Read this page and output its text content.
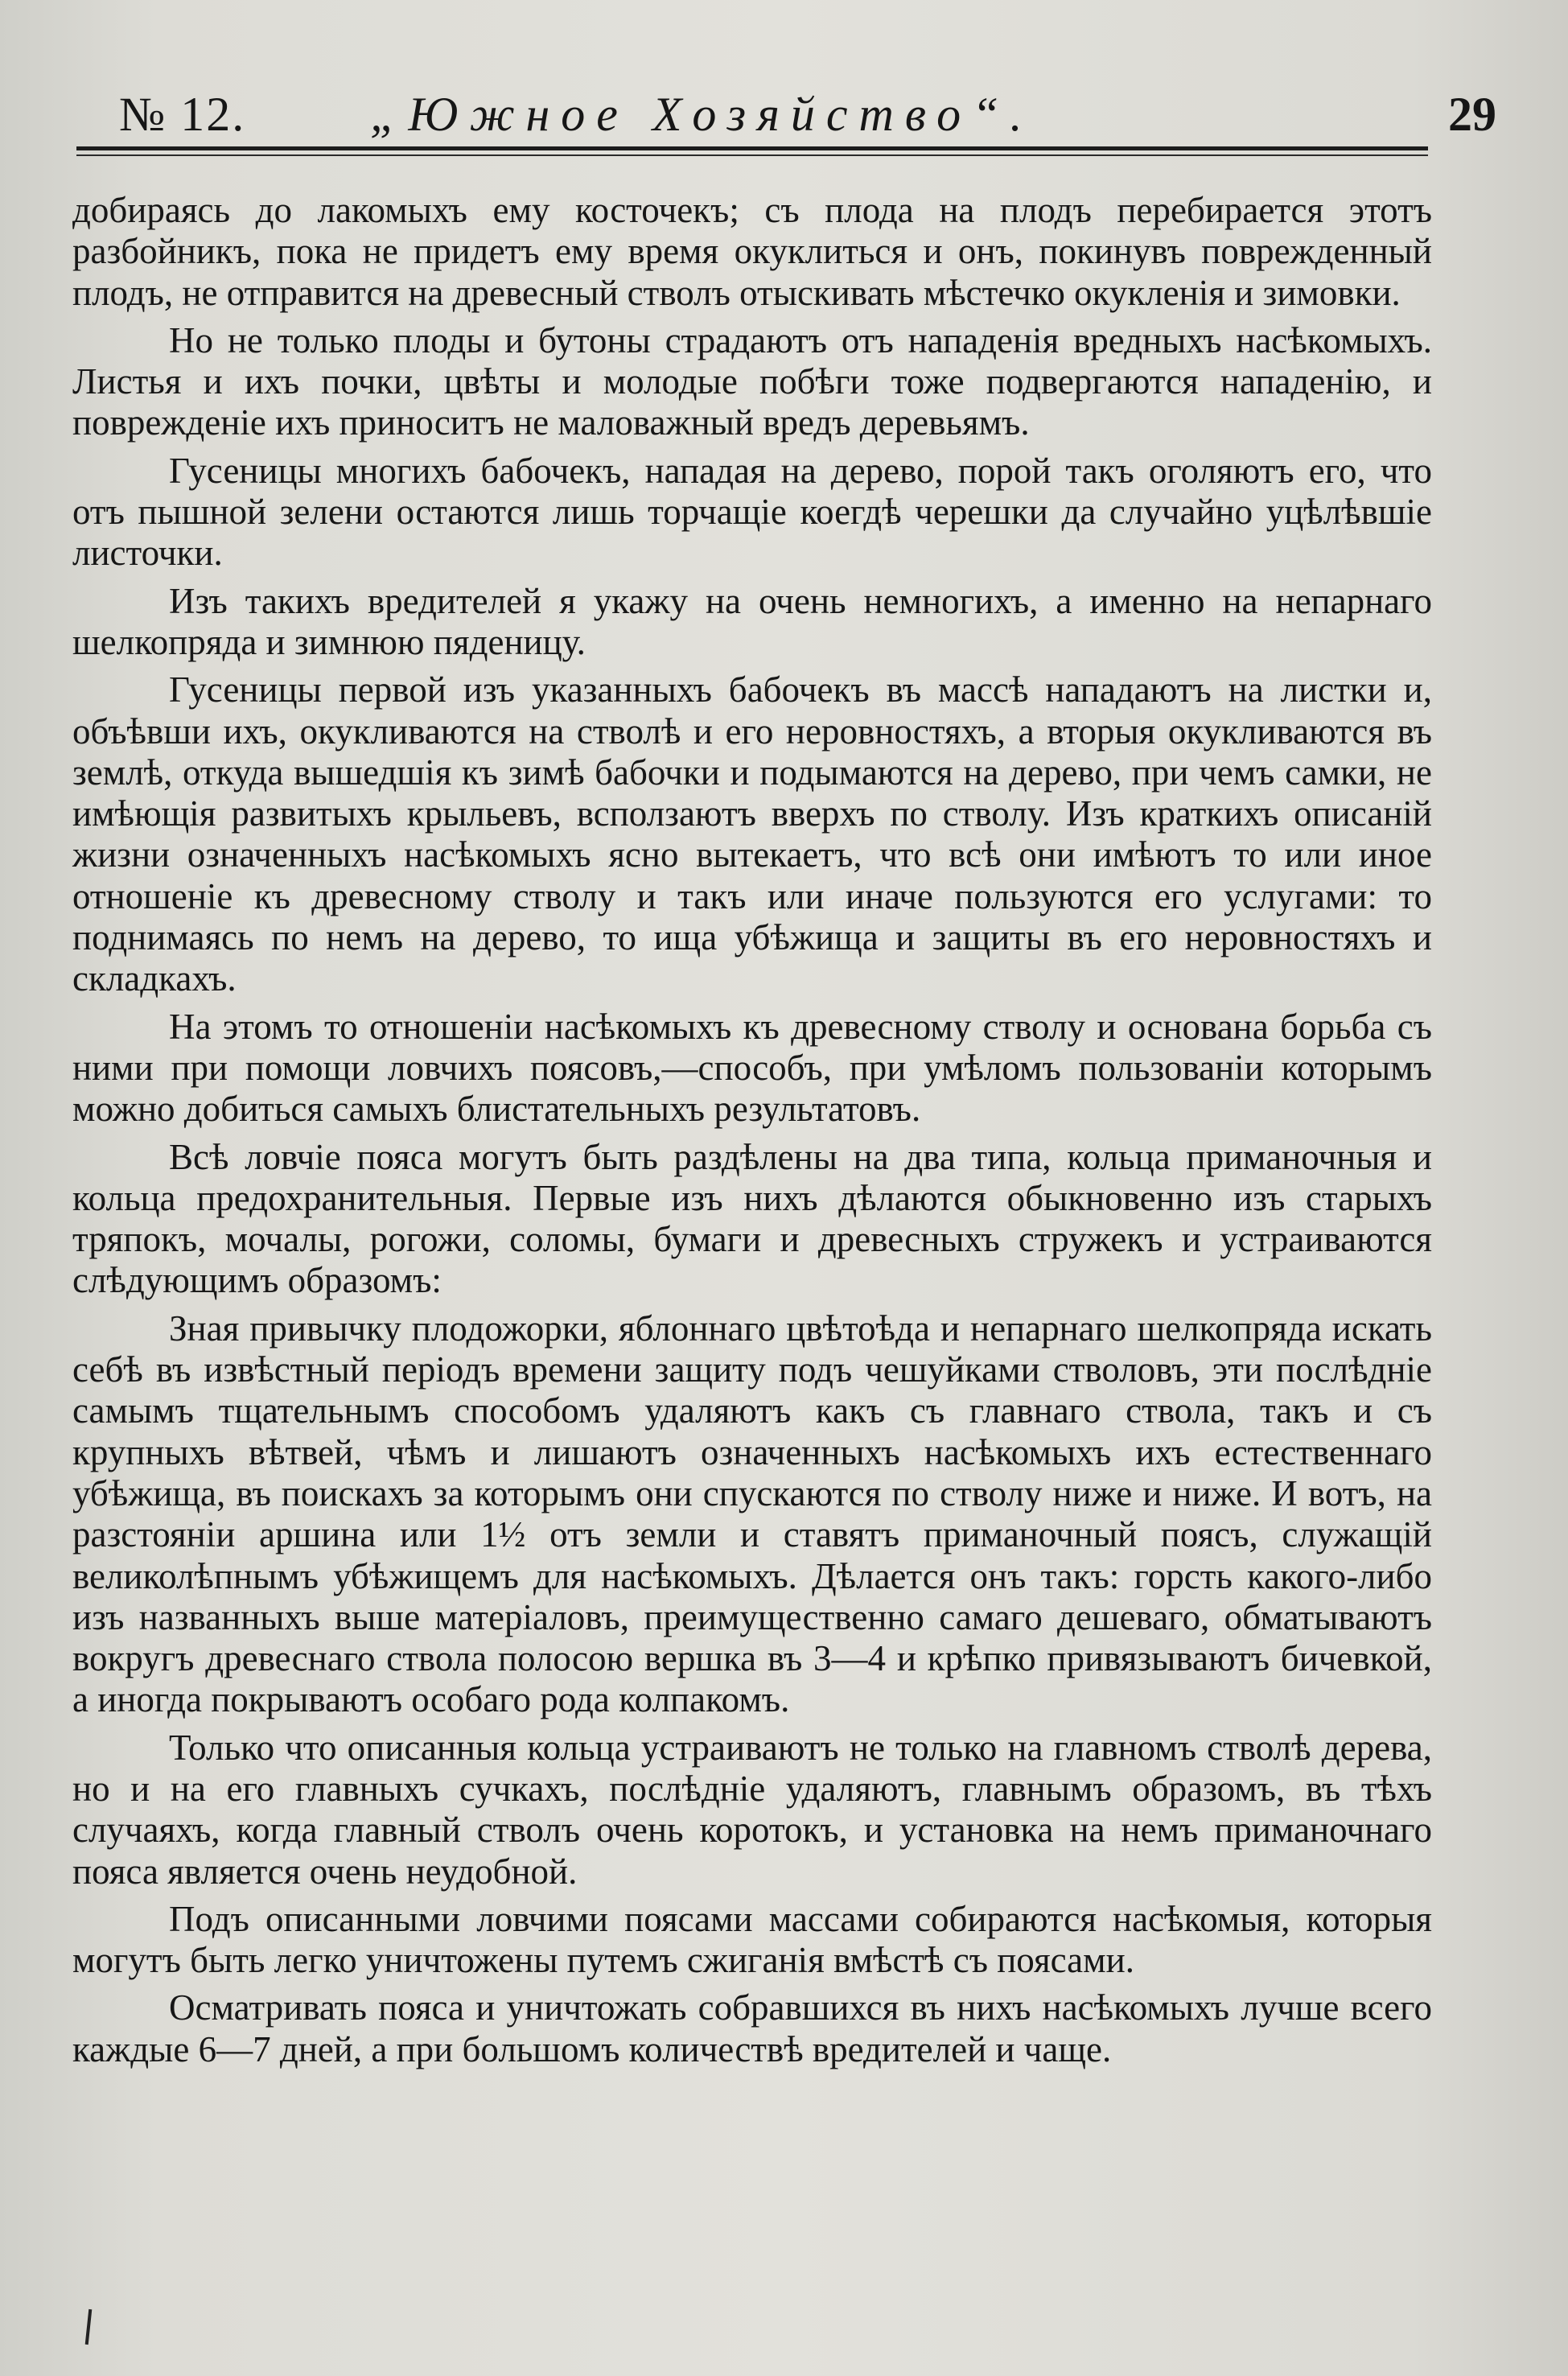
№ 12.	„Южное Хозяйство“.	29

добираясь до лакомыхъ ему косточекъ; съ плода на плодъ перебирается этотъ разбойникъ, пока не придетъ ему время окуклиться и онъ, покинувъ поврежденный плодъ, не отправится на древесный стволъ отыскивать мѣстечко окукленія и зимовки.

Но не только плоды и бутоны страдаютъ отъ нападенія вредныхъ насѣкомыхъ. Листья и ихъ почки, цвѣты и молодые побѣги тоже подвергаются нападенію, и поврежденіе ихъ приноситъ не маловажный вредъ деревьямъ.

Гусеницы многихъ бабочекъ, нападая на дерево, порой такъ оголяютъ его, что отъ пышной зелени остаются лишь торчащіе коегдѣ черешки да случайно уцѣлѣвшіе листочки.

Изъ такихъ вредителей я укажу на очень немногихъ, а именно на непарнаго шелкопряда и зимнюю пяденицу.

Гусеницы первой изъ указанныхъ бабочекъ въ массѣ нападаютъ на листки и, объѣвши ихъ, окукливаются на стволѣ и его неровностяхъ, а вторыя окукливаются въ землѣ, откуда вышедшія къ зимѣ бабочки и подымаются на дерево, при чемъ самки, не имѣющія развитыхъ крыльевъ, всползаютъ вверхъ по стволу. Изъ краткихъ описаній жизни означенныхъ насѣкомыхъ ясно вытекаетъ, что всѣ они имѣютъ то или иное отношеніе къ древесному стволу и такъ или иначе пользуются его услугами: то поднимаясь по немъ на дерево, то ища убѣжища и защиты въ его неровностяхъ и складкахъ.

На этомъ то отношеніи насѣкомыхъ къ древесному стволу и основана борьба съ ними при помощи ловчихъ поясовъ,—способъ, при умѣломъ пользованіи которымъ можно добиться самыхъ блистательныхъ результатовъ.

Всѣ ловчіе пояса могутъ быть раздѣлены на два типа, кольца приманочныя и кольца предохранительныя. Первые изъ нихъ дѣлаются обыкновенно изъ старыхъ тряпокъ, мочалы, рогожи, соломы, бумаги и древесныхъ стружекъ и устраиваются слѣдующимъ образомъ:

Зная привычку плодожорки, яблоннаго цвѣтоѣда и непарнаго шелкопряда искать себѣ въ извѣстный періодъ времени защиту подъ чешуйками стволовъ, эти послѣдніе самымъ тщательнымъ способомъ удаляютъ какъ съ главнаго ствола, такъ и съ крупныхъ вѣтвей, чѣмъ и лишаютъ означенныхъ насѣкомыхъ ихъ естественнаго убѣжища, въ поискахъ за которымъ они спускаются по стволу ниже и ниже. И вотъ, на разстояніи аршина или 1½ отъ земли и ставятъ приманочный поясъ, служащій великолѣпнымъ убѣжищемъ для насѣкомыхъ. Дѣлается онъ такъ: горсть какого-либо изъ названныхъ выше матеріаловъ, преимущественно самаго дешеваго, обматываютъ вокругъ древеснаго ствола полосою вершка въ 3—4 и крѣпко привязываютъ бичевкой, а иногда покрываютъ особаго рода колпакомъ.

Только что описанныя кольца устраиваютъ не только на главномъ стволѣ дерева, но и на его главныхъ сучкахъ, послѣдніе удаляютъ, главнымъ образомъ, въ тѣхъ случаяхъ, когда главный стволъ очень коротокъ, и установка на немъ приманочнаго пояса является очень неудобной.

Подъ описанными ловчими поясами массами собираются насѣкомыя, которыя могутъ быть легко уничтожены путемъ сжиганія вмѣстѣ съ поясами.

Осматривать пояса и уничтожать собравшихся въ нихъ насѣкомыхъ лучше всего каждые 6—7 дней, а при большомъ количествѣ вредителей и чаще.
